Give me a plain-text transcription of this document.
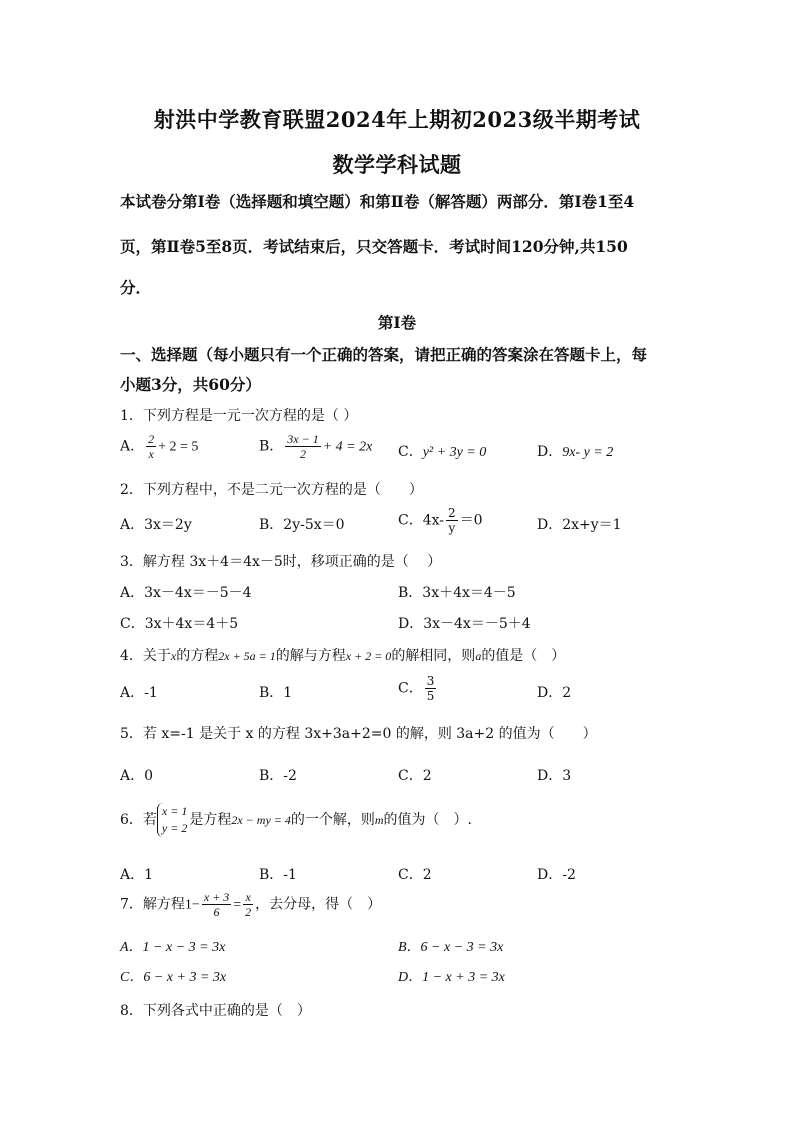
射洪中学教育联盟2024年上期初2023级半期考试
数学学科试题
本试卷分第Ⅰ卷（选择题和填空题）和第Ⅱ卷（解答题）两部分．第Ⅰ卷1至4
页，第Ⅱ卷5至8页．考试结束后，只交答题卡．考试时间120分钟,共150
分．
第Ⅰ卷
一、选择题（每小题只有一个正确的答案，请把正确的答案涂在答题卡上，每
小题3分，共60分）
1．下列方程是一元一次方程的是（ ）
A． $\frac{2}{x} + 2 = 5$	B． $\frac{3x - 1}{2} + 4 = 2x$ C．y² + 3y = 0	D．9x- y = 2
2．下列方程中，不是二元一次方程的是（　　）
A．3x＝2y	B．2y-5x＝0	C．$4x- \frac{2}{y} =0$	D．2x+y＝1
3．解方程 3x＋4＝4x－5时，移项正确的是（　 ）
A．3x－4x＝－5－4	B．3x＋4x＝4－5
C．3x＋4x＝4＋5	D．3x－4x＝－5＋4
4．关于x的方程2x + 5a = 1的解与方程x + 2 = 0的解相同，则a的值是（　）
A．-1	B．1	C． $\frac{3}{5}$	D．2
5．若 x=-1 是关于 x 的方程 3x+3a+2=0 的解，则 3a+2 的值为（　　）
A．0	B．-2	C．2	D．3
6．若
x = 1
y = 2 是方程2x − my = 4的一个解，则m的值为（　）.
A．1	B．-1	C．2	D．-2
7．解方程$1- \frac{x + 3}{6} = \frac{x}{2}$ ，去分母，得（　）
A．1 − x − 3 = 3x	B．6 − x − 3 = 3x
C．6 − x + 3 = 3x	D．1 − x + 3 = 3x
8．下列各式中正确的是（　）
